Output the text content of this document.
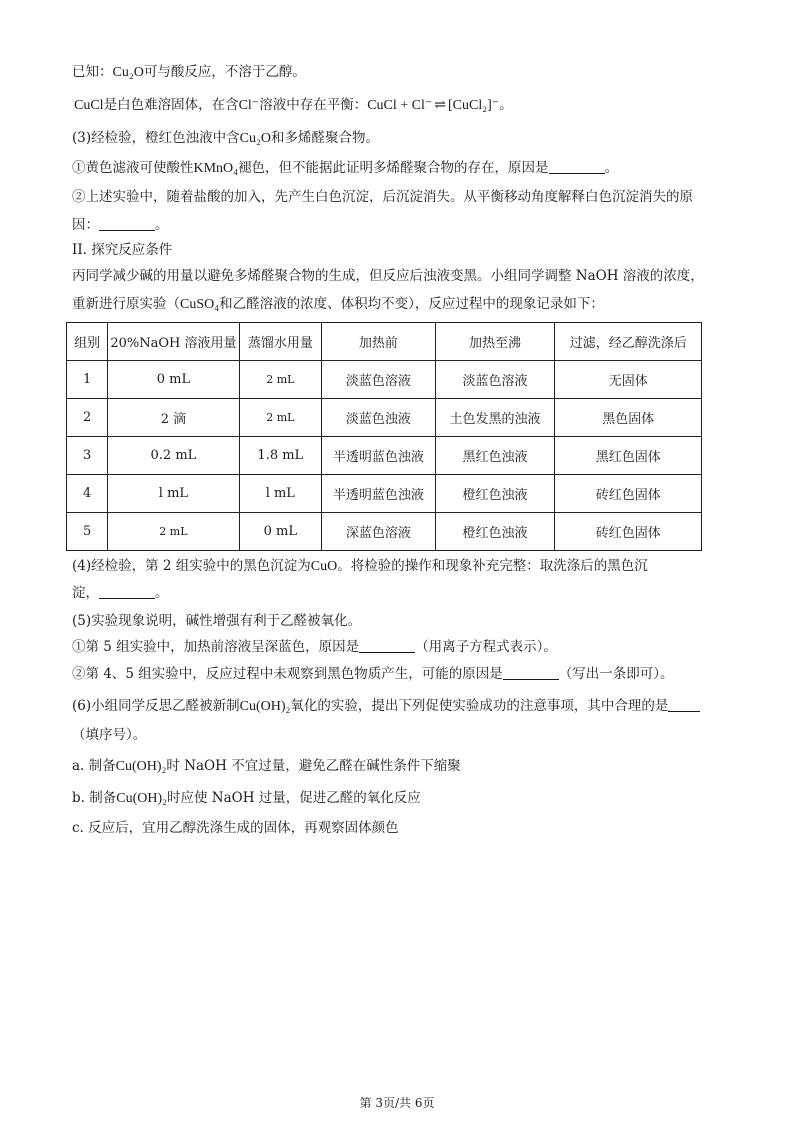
已知：Cu₂O可与酸反应，不溶于乙醇。
CuCl是白色难溶固体，在含Cl⁻溶液中存在平衡：CuCl + Cl⁻ ⇌ [CuCl₂]⁻。
(3)经检验，橙红色浊液中含Cu₂O和多烯醛聚合物。
①黄色滤液可使酸性KMnO₄褪色，但不能据此证明多烯醛聚合物的存在，原因是	。
②上述实验中，随着盐酸的加入，先产生白色沉淀，后沉淀消失。从平衡移动角度解释白色沉淀消失的原
因：	。
II. 探究反应条件
丙同学减少碱的用量以避免多烯醛聚合物的生成，但反应后浊液变黑。小组同学调整 NaOH 溶液的浓度，
重新进行原实验（CuSO₄和乙醛溶液的浓度、体积均不变），反应过程中的现象记录如下：
组别	20%NaOH 溶液用量	蒸馏水用量	加热前	加热至沸	过滤，经乙醇洗涤后
1	0 mL	2 mL	淡蓝色溶液	淡蓝色溶液	无固体
2	2 滴	2 mL	淡蓝色浊液	土色发黑的浊液	黑色固体
3	0.2 mL	1.8 mL	半透明蓝色浊液	黑红色浊液	黑红色固体
4	l mL	l mL	半透明蓝色浊液	橙红色浊液	砖红色固体
5	2 mL	0 mL	深蓝色溶液	橙红色浊液	砖红色固体
(4)经检验，第 2 组实验中的黑色沉淀为CuO。将检验的操作和现象补充完整：取洗涤后的黑色沉
淀，	。
(5)实验现象说明，碱性增强有利于乙醛被氧化。
①第 5 组实验中，加热前溶液呈深蓝色，原因是	（用离子方程式表示）。
②第 4、5 组实验中，反应过程中未观察到黑色物质产生，可能的原因是	（写出一条即可）。
(6)小组同学反思乙醛被新制Cu(OH)₂氧化的实验，提出下列促使实验成功的注意事项，其中合理的是
（填序号）。
a. 制备Cu(OH)₂时 NaOH 不宜过量，避免乙醛在碱性条件下缩聚
b. 制备Cu(OH)₂时应使 NaOH 过量，促进乙醛的氧化反应
c. 反应后，宜用乙醇洗涤生成的固体，再观察固体颜色
第 3页/共 6页
